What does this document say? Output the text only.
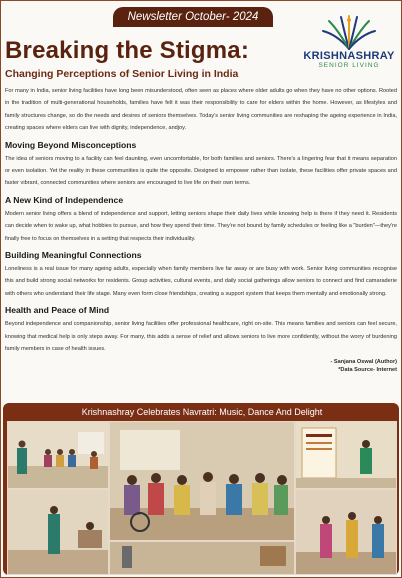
Newsletter October- 2024
Breaking the Stigma:
Changing Perceptions of Senior Living in India
KRISHNASHRAY
SENIOR LIVING

For many in India, senior living facilities have long been misunderstood, often seen as places where older adults go when they have no other options. Rooted in the tradition of multi-generational households, families have felt it was their responsibility to care for elders within the home. However, as lifestyles and family structures change, so do the needs and desires of seniors themselves. Today's senior living communities are reshaping the ageing experience in India, creating spaces where elders can live with dignity, independence, andjoy.

Moving Beyond Misconceptions

The idea of seniors moving to a facility can feel daunting, even uncomfortable, for both families and seniors. There's a lingering fear that it means separation or even isolation. Yet the reality in these communities is quite the opposite. Designed to empower rather than isolate, these facilities offer private spaces and faster vibrant, connected communities where seniors are encouraged to live life on their own terms.

A New Kind of Independence

Modern senior living offers a blend of independence and support, letting seniors shape their daily lives while knowing help is there if they need it. Residents can decide when to wake up, what hobbies to pursue, and how they spend their time. They're not bound by family schedules or feeling like a "burden"—they're finally free to focus on themselves in a setting that respects their individuality.

Building Meaningful Connections

Loneliness is a real issue for many ageing adults, especially when family members live far away or are busy with work. Senior living communities recognise this and build strong social networks for residents. Group activities, cultural events, and daily social gatherings allow seniors to connect and find camaraderie with others who understand their life stage. Many even form close friendships, creating a support system that keeps them mentally and emotionally strong.

Health and Peace of Mind

Beyond independence and companionship, senior living facilities offer professional healthcare, right on-site. This means families and seniors can feel secure, knowing that medical help is only steps away. For many, this adds a sense of relief and allows seniors to live more confidently, without the worry of burdening family members in case of health issues.

- Sanjana Oswal (Author)
*Data Source- Internet
Krishnashray Celebrates Navratri: Music, Dance And Delight
